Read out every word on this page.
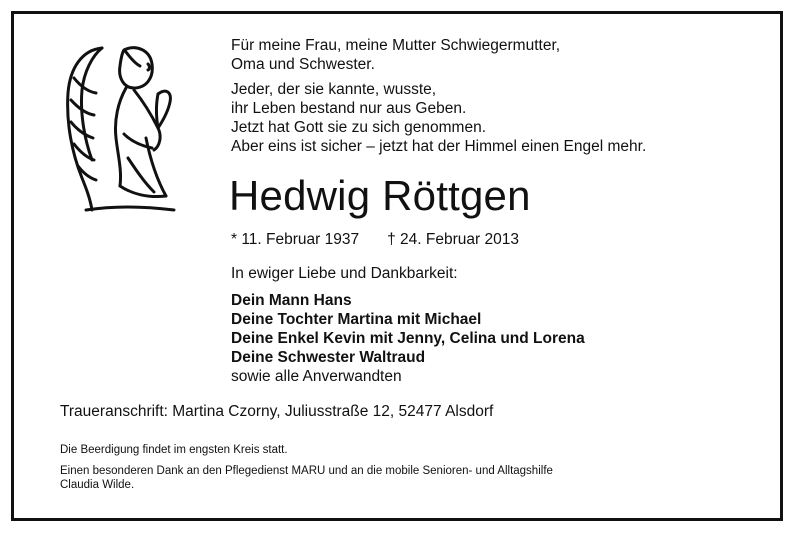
Für meine Frau, meine Mutter Schwiegermutter,
Oma und Schwester.
Jeder, der sie kannte, wusste,
ihr Leben bestand nur aus Geben.
Jetzt hat Gott sie zu sich genommen.
Aber eins ist sicher – jetzt hat der Himmel einen Engel mehr.
Hedwig Röttgen
* 11. Februar 1937 † 24. Februar 2013
In ewiger Liebe und Dankbarkeit:
Dein Mann Hans
Deine Tochter Martina mit Michael
Deine Enkel Kevin mit Jenny, Celina und Lorena
Deine Schwester Waltraud
sowie alle Anverwandten
Traueranschrift: Martina Czorny, Juliusstraße 12, 52477 Alsdorf
Die Beerdigung findet im engsten Kreis statt.
Einen besonderen Dank an den Pflegedienst MARU und an die mobile Senioren- und Alltagshilfe
Claudia Wilde.
